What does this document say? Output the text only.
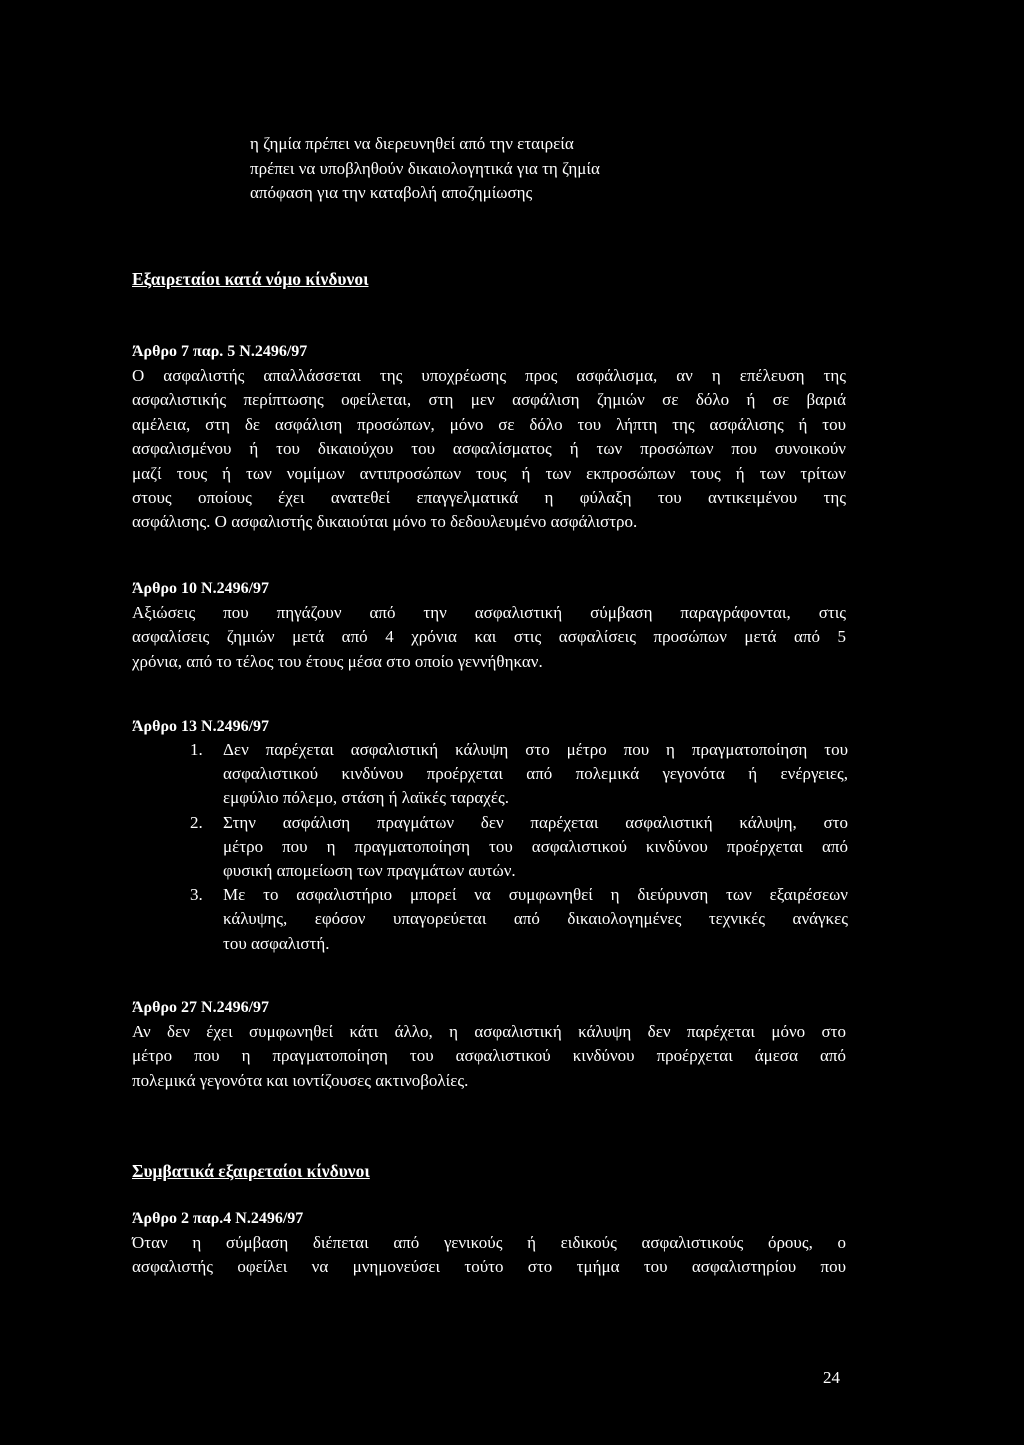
η ζημία πρέπει να διερευνηθεί από την εταιρεία
πρέπει να υποβληθούν δικαιολογητικά για τη ζημία
απόφαση για την καταβολή αποζημίωσης
Εξαιρεταίοι κατά νόμο κίνδυνοι
Άρθρο 7 παρ. 5 Ν.2496/97
Ο ασφαλιστής απαλλάσσεται της υποχρέωσης προς ασφάλισμα, αν η επέλευση της
ασφαλιστικής περίπτωσης οφείλεται, στη μεν ασφάλιση ζημιών σε δόλο ή σε βαριά
αμέλεια, στη δε ασφάλιση προσώπων, μόνο σε δόλο του λήπτη της ασφάλισης ή του
ασφαλισμένου ή του δικαιούχου του ασφαλίσματος ή των προσώπων που συνοικούν
μαζί τους ή των νομίμων αντιπροσώπων τους ή των εκπροσώπων τους ή των τρίτων
στους οποίους έχει ανατεθεί επαγγελματικά η φύλαξη του αντικειμένου της
ασφάλισης. Ο ασφαλιστής δικαιούται μόνο το δεδουλευμένο ασφάλιστρο.
Άρθρο 10 Ν.2496/97
Αξιώσεις που πηγάζουν από την ασφαλιστική σύμβαση παραγράφονται, στις
ασφαλίσεις ζημιών μετά από 4 χρόνια και στις ασφαλίσεις προσώπων μετά από 5
χρόνια, από το τέλος του έτους μέσα στο οποίο γεννήθηκαν.
Άρθρο 13 Ν.2496/97
1. Δεν παρέχεται ασφαλιστική κάλυψη στο μέτρο που η πραγματοποίηση του
ασφαλιστικού κινδύνου προέρχεται από πολεμικά γεγονότα ή ενέργειες,
εμφύλιο πόλεμο, στάση ή λαϊκές ταραχές.
2. Στην ασφάλιση πραγμάτων δεν παρέχεται ασφαλιστική κάλυψη, στο
μέτρο που η πραγματοποίηση του ασφαλιστικού κινδύνου προέρχεται από
φυσική απομείωση των πραγμάτων αυτών.
3. Με το ασφαλιστήριο μπορεί να συμφωνηθεί η διεύρυνση των εξαιρέσεων
κάλυψης, εφόσον υπαγορεύεται από δικαιολογημένες τεχνικές ανάγκες
του ασφαλιστή.
Άρθρο 27 Ν.2496/97
Αν δεν έχει συμφωνηθεί κάτι άλλο, η ασφαλιστική κάλυψη δεν παρέχεται μόνο στο
μέτρο που η πραγματοποίηση του ασφαλιστικού κινδύνου προέρχεται άμεσα από
πολεμικά γεγονότα και ιοντίζουσες ακτινοβολίες.
Συμβατικά εξαιρεταίοι κίνδυνοι
Άρθρο 2 παρ.4 Ν.2496/97
Όταν η σύμβαση διέπεται από γενικούς ή ειδικούς ασφαλιστικούς όρους, ο
ασφαλιστής οφείλει να μνημονεύσει τούτο στο τμήμα του ασφαλιστηρίου που
24
